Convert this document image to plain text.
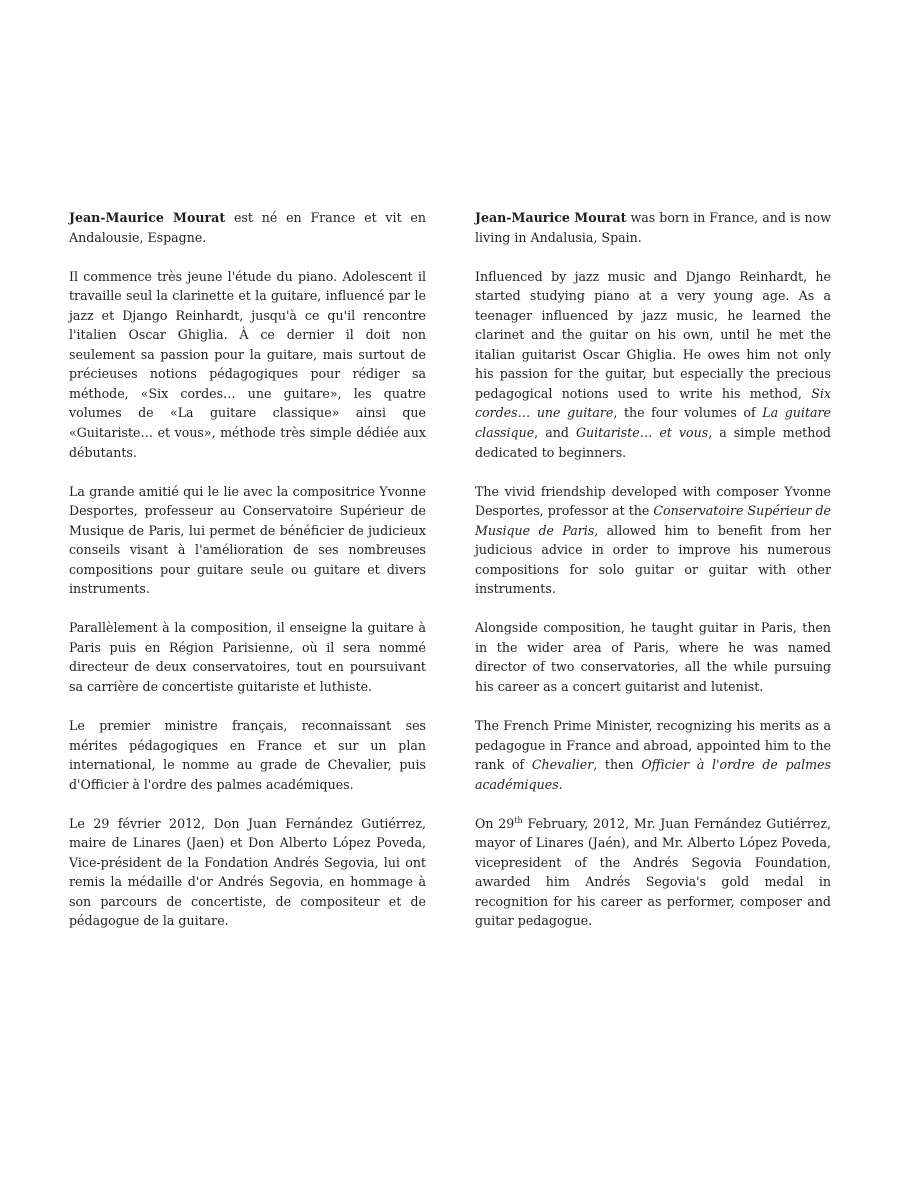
Jean-Maurice Mourat est né en France et vit en Andalousie, Espagne.

Il commence très jeune l'étude du piano. Adolescent il travaille seul la clarinette et la guitare, influencé par le jazz et Django Reinhardt, jusqu'à ce qu'il rencontre l'italien Oscar Ghiglia. À ce dernier il doit non seulement sa passion pour la guitare, mais surtout de précieuses notions pédagogiques pour rédiger sa méthode, «Six cordes… une guitare», les quatre volumes de «La guitare classique» ainsi que «Guitariste… et vous», méthode très simple dédiée aux débutants.

La grande amitié qui le lie avec la compositrice Yvonne Desportes, professeur au Conservatoire Supérieur de Musique de Paris, lui permet de bénéficier de judicieux conseils visant à l'amélioration de ses nombreuses compositions pour guitare seule ou guitare et divers instruments.

Parallèlement à la composition, il enseigne la guitare à Paris puis en Région Parisienne, où il sera nommé directeur de deux conservatoires, tout en poursuivant sa carrière de concertiste guitariste et luthiste.

Le premier ministre français, reconnaissant ses mérites pédagogiques en France et sur un plan international, le nomme au grade de Chevalier, puis d'Officier à l'ordre des palmes académiques.

Le 29 février 2012, Don Juan Fernández Gutiérrez, maire de Linares (Jaen) et Don Alberto López Poveda, Vice-président de la Fondation Andrés Segovia, lui ont remis la médaille d'or Andrés Segovia, en hommage à son parcours de concertiste, de compositeur et de pédagogue de la guitare.

Jean-Maurice Mourat was born in France, and is now living in Andalusia, Spain.

Influenced by jazz music and Django Reinhardt, he started studying piano at a very young age. As a teenager influenced by jazz music, he learned the clarinet and the guitar on his own, until he met the italian guitarist Oscar Ghiglia. He owes him not only his passion for the guitar, but especially the precious pedagogical notions used to write his method, Six cordes… une guitare, the four volumes of La guitare classique, and Guitariste… et vous, a simple method dedicated to beginners.

The vivid friendship developed with composer Yvonne Desportes, professor at the Conservatoire Supérieur de Musique de Paris, allowed him to benefit from her judicious advice in order to improve his numerous compositions for solo guitar or guitar with other instruments.

Alongside composition, he taught guitar in Paris, then in the wider area of Paris, where he was named director of two conservatories, all the while pursuing his career as a concert guitarist and lutenist.

The French Prime Minister, recognizing his merits as a pedagogue in France and abroad, appointed him to the rank of Chevalier, then Officier à l'ordre de palmes académiques.

On 29th February, 2012, Mr. Juan Fernández Gutiérrez, mayor of Linares (Jaén), and Mr. Alberto López Poveda, vicepresident of the Andrés Segovia Foundation, awarded him Andrés Segovia's gold medal in recognition for his career as performer, composer and guitar pedagogue.
